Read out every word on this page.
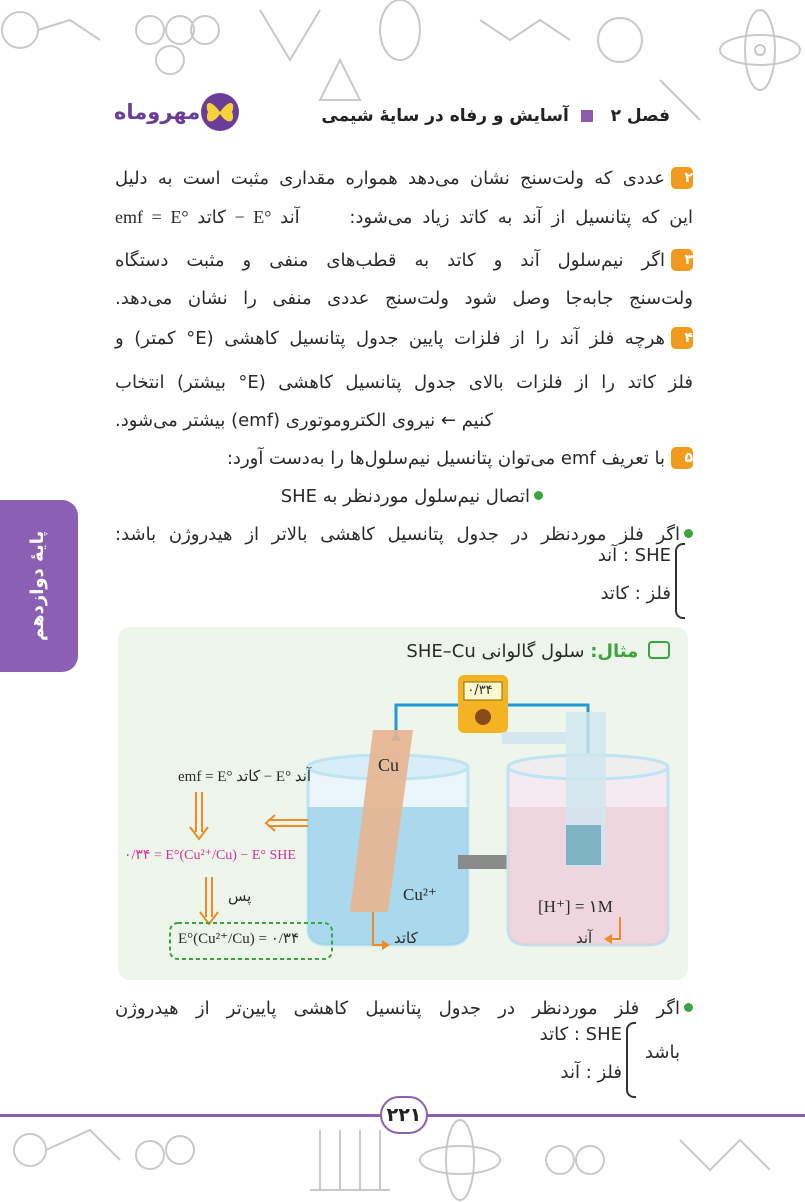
فصل ۲  آسایش و رفاه در سایهٔ شیمی
مهروماه
پایهٔ دوازدهم
۲عددی که ولت‌سنج نشان می‌دهد همواره مقداری مثبت است به دلیل
این که پتانسیل از آند به کاتد زیاد می‌شود:  emf = E° کاتد − E° آند
۳اگر نیم‌سلول آند و کاتد به قطب‌های منفی و مثبت دستگاه
ولت‌سنج جابه‌جا وصل شود ولت‌سنج عددی منفی را نشان می‌دهد.
۴هرچه فلز آند را از فلزات پایین جدول پتانسیل کاهشی (E° کمتر) و
فلز کاتد را از فلزات بالای جدول پتانسیل کاهشی (E° بیشتر) انتخاب
کنیم ← نیروی الکتروموتوری (emf) بیشتر می‌شود.
۵با تعریف emf می‌توان پتانسیل نیم‌سلول‌ها را به‌دست آورد:
اتصال نیم‌سلول موردنظر به SHE
اگر فلز موردنظر در جدول پتانسیل کاهشی بالاتر از هیدروژن باشد:
SHE : آند
فلز : کاتد
مثال: سلول گالوانی SHE–Cu
۰/۳۴
Cu
Cu²⁺
[H⁺] = ۱M
کاتد	آند
emf = E° کاتد − E° آند
۰/۳۴ = E°(Cu²⁺/Cu) − E° SHE
پس
E°(Cu²⁺/Cu) = ۰/۳۴
اگر فلز موردنظر در جدول پتانسیل کاهشی پایین‌تر از هیدروژن
باشد
SHE : کاتد
فلز : آند
۲۲۱
